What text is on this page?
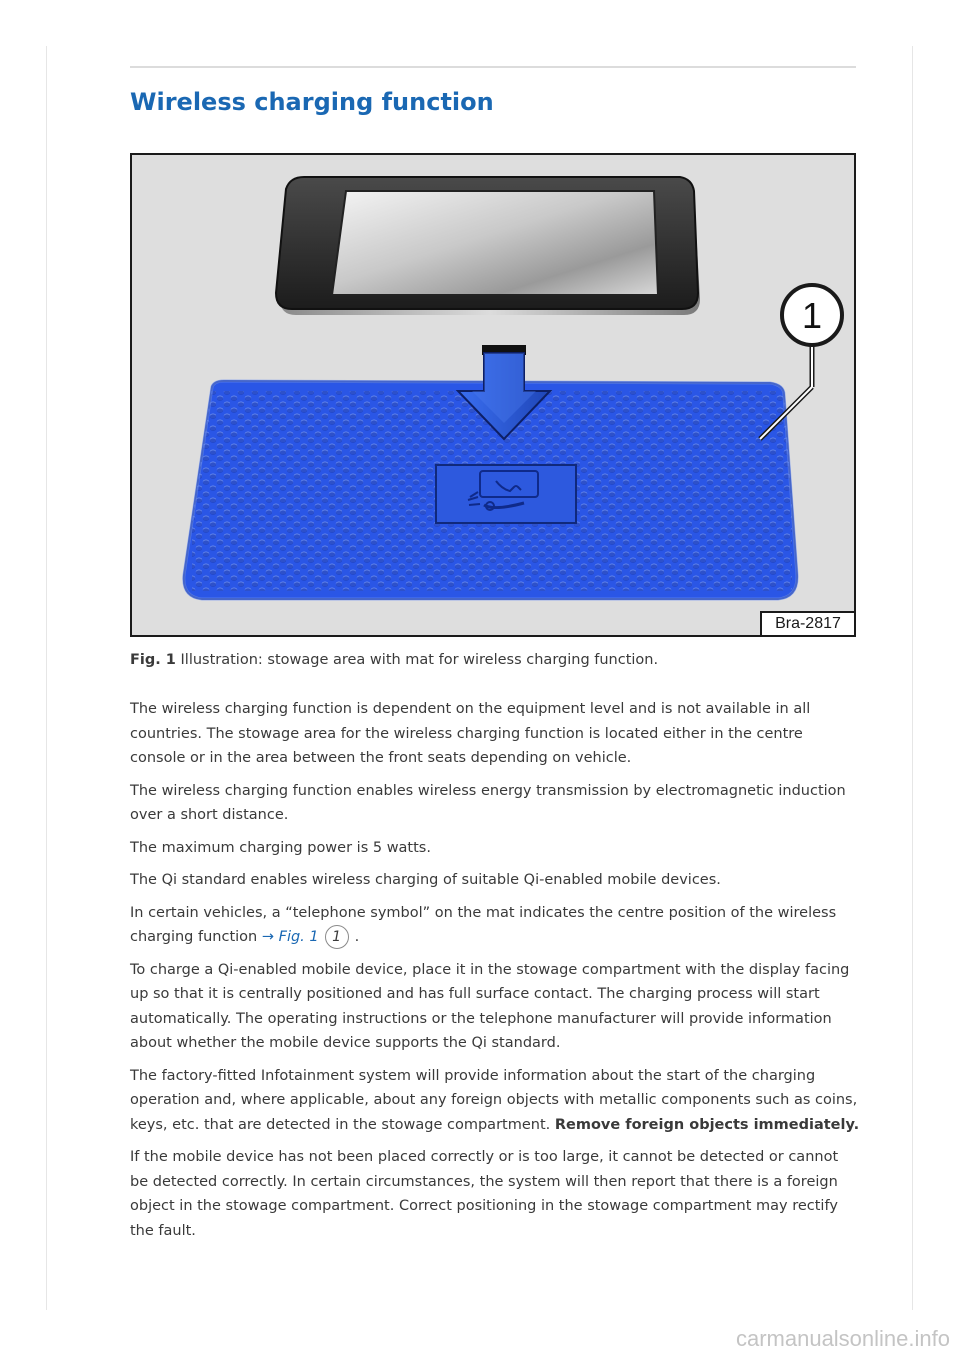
Wireless charging function
1
Bra-2817
Fig. 1 Illustration: stowage area with mat for wireless charging function.

The wireless charging function is dependent on the equipment level and is not available in all countries. The stowage area for the wireless charging function is located either in the centre console or in the area between the front seats depending on vehicle.

The wireless charging function enables wireless energy transmission by electromagnetic induction over a short distance.

The maximum charging power is 5 watts.

The Qi standard enables wireless charging of suitable Qi-enabled mobile devices.

In certain vehicles, a “telephone symbol” on the mat indicates the centre position of the wireless charging function → Fig. 1 1 .

To charge a Qi-enabled mobile device, place it in the stowage compartment with the display facing up so that it is centrally positioned and has full surface contact. The charging process will start automatically. The operating instructions or the telephone manufacturer will provide information about whether the mobile device supports the Qi standard.

The factory-fitted Infotainment system will provide information about the start of the charging operation and, where applicable, about any foreign objects with metallic components such as coins, keys, etc. that are detected in the stowage compartment. Remove foreign objects immediately.

If the mobile device has not been placed correctly or is too large, it cannot be detected or cannot be detected correctly. In certain circumstances, the system will then report that there is a foreign object in the stowage compartment. Correct positioning in the stowage compartment may rectify the fault.

carmanualsonline.info
